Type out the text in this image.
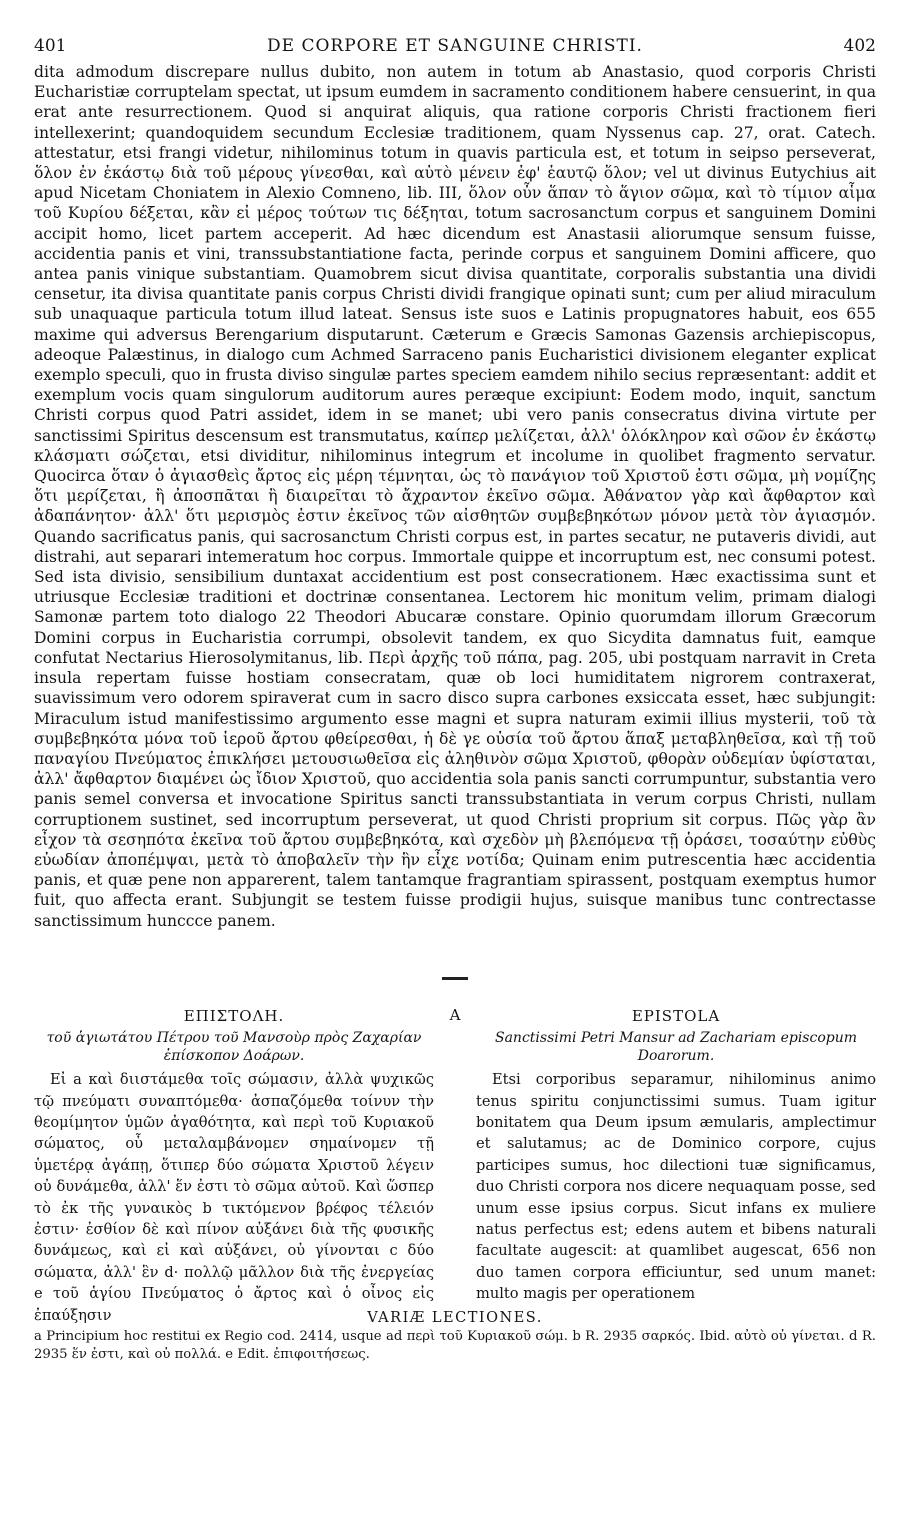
401	DE CORPORE ET SANGUINE CHRISTI.	402

dita admodum discrepare nullus dubito, non autem in totum ab Anastasio, quod corporis Christi Eucharistiæ corruptelam spectat, ut ipsum eumdem in sacramento conditionem habere censuerint, in qua erat ante resurrectionem. Quod si anquirat aliquis, qua ratione corporis Christi fractionem fieri intellexerint; quandoquidem secundum Ecclesiæ traditionem, quam Nyssenus cap. 27, orat. Catech. attestatur, etsi frangi videtur, nihilominus totum in quavis particula est, et totum in seipso perseverat, ὅλον ἐν ἑκάστῳ διὰ τοῦ μέρους γίνεσθαι, καὶ αὐτὸ μένειν ἐφ' ἑαυτῷ ὅλον; vel ut divinus Eutychius ait apud Nicetam Choniatem in Alexio Comneno, lib. III, ὅλον οὖν ἅπαν τὸ ἅγιον σῶμα, καὶ τὸ τίμιον αἷμα τοῦ Κυρίου δέξεται, κἂν εἰ μέρος τούτων τις δέξηται, totum sacrosanctum corpus et sanguinem Domini accipit homo, licet partem acceperit. Ad hæc dicendum est Anastasii aliorumque sensum fuisse, accidentia panis et vini, transsubstantiatione facta, perinde corpus et sanguinem Domini afficere, quo antea panis vinique substantiam. Quamobrem sicut divisa quantitate, corporalis substantia una dividi censetur, ita divisa quantitate panis corpus Christi dividi frangique opinati sunt; cum per aliud miraculum sub unaquaque particula totum illud lateat. Sensus iste suos e Latinis propugnatores habuit, eos 655 maxime qui adversus Berengarium disputarunt. Cæterum e Græcis Samonas Gazensis archiepiscopus, adeoque Palæstinus, in dialogo cum Achmed Sarraceno panis Eucharistici divisionem eleganter explicat exemplo speculi, quo in frusta diviso singulæ partes speciem eamdem nihilo secius repræsentant: addit et exemplum vocis quam singulorum auditorum aures peræque excipiunt: Eodem modo, inquit, sanctum Christi corpus quod Patri assidet, idem in se manet; ubi vero panis consecratus divina virtute per sanctissimi Spiritus descensum est transmutatus, καίπερ μελίζεται, ἀλλ' ὁλόκληρον καὶ σῶον ἐν ἑκάστῳ κλάσματι σώζεται, etsi dividitur, nihilominus integrum et incolume in quolibet fragmento servatur. Quocirca ὅταν ὁ ἁγιασθεὶς ἄρτος εἰς μέρη τέμνηται, ὡς τὸ πανάγιον τοῦ Χριστοῦ ἐστι σῶμα, μὴ νομίζης ὅτι μερίζεται, ἢ ἀποσπᾶται ἢ διαιρεῖται τὸ ἄχραντον ἐκεῖνο σῶμα. Ἀθάνατον γὰρ καὶ ἄφθαρτον καὶ ἀδαπάνητον· ἀλλ' ὅτι μερισμὸς ἐστιν ἐκεῖνος τῶν αἰσθητῶν συμβεβηκότων μόνον μετὰ τὸν ἁγιασμόν. Quando sacrificatus panis, qui sacrosanctum Christi corpus est, in partes secatur, ne putaveris dividi, aut distrahi, aut separari intemeratum hoc corpus. Immortale quippe et incorruptum est, nec consumi potest. Sed ista divisio, sensibilium duntaxat accidentium est post consecrationem. Hæc exactissima sunt et utriusque Ecclesiæ traditioni et doctrinæ consentanea. Lectorem hic monitum velim, primam dialogi Samonæ partem toto dialogo 22 Theodori Abucaræ constare. Opinio quorumdam illorum Græcorum Domini corpus in Eucharistia corrumpi, obsolevit tandem, ex quo Sicydita damnatus fuit, eamque confutat Nectarius Hierosolymitanus, lib. Περὶ ἀρχῆς τοῦ πάπα, pag. 205, ubi postquam narravit in Creta insula repertam fuisse hostiam consecratam, quæ ob loci humiditatem nigrorem contraxerat, suavissimum vero odorem spiraverat cum in sacro disco supra carbones exsiccata esset, hæc subjungit: Miraculum istud manifestissimo argumento esse magni et supra naturam eximii illius mysterii, τοῦ τὰ συμβεβηκότα μόνα τοῦ ἱεροῦ ἄρτου φθείρεσθαι, ἡ δὲ γε οὐσία τοῦ ἄρτου ἅπαξ μεταβληθεῖσα, καὶ τῇ τοῦ παναγίου Πνεύματος ἐπικλήσει μετουσιωθεῖσα εἰς ἀληθινὸν σῶμα Χριστοῦ, φθορὰν οὐδεμίαν ὑφίσταται, ἀλλ' ἄφθαρτον διαμένει ὡς ἴδιον Χριστοῦ, quo accidentia sola panis sancti corrumpuntur, substantia vero panis semel conversa et invocatione Spiritus sancti transsubstantiata in verum corpus Christi, nullam corruptionem sustinet, sed incorruptum perseverat, ut quod Christi proprium sit corpus. Πῶς γὰρ ἂν εἶχον τὰ σεσηπότα ἐκεῖνα τοῦ ἄρτου συμβεβηκότα, καὶ σχεδὸν μὴ βλεπόμενα τῇ ὁράσει, τοσαύτην εὐθὺς εὐωδίαν ἀποπέμψαι, μετὰ τὸ ἀποβαλεῖν τὴν ἣν εἶχε νοτίδα; Quinam enim putrescentia hæc accidentia panis, et quæ pene non apparerent, talem tantamque fragrantiam spirassent, postquam exemptus humor fuit, quo affecta erant. Subjungit se testem fuisse prodigii hujus, suisque manibus tunc contrectasse sanctissimum hunccce panem.

A
ΕΠΙΣΤΟΛΗ.
τοῦ ἁγιωτάτου Πέτρου τοῦ Μανσοὺρ πρὸς Ζαχαρίαν ἐπίσκοπον Δοάρων.

Εἰ a καὶ διιστάμεθα τοῖς σώμασιν, ἀλλὰ ψυχικῶς τῷ πνεύματι συναπτόμεθα· ἀσπαζόμεθα τοίνυν τὴν θεομίμητον ὑμῶν ἀγαθότητα, καὶ περὶ τοῦ Κυριακοῦ σώματος, οὗ μεταλαμβάνομεν σημαίνομεν τῇ ὑμετέρᾳ ἀγάπῃ, ὅτιπερ δύο σώματα Χριστοῦ λέγειν οὐ δυνάμεθα, ἀλλ' ἕν ἐστι τὸ σῶμα αὐτοῦ. Καὶ ὥσπερ τὸ ἐκ τῆς γυναικὸς b τικτόμενον βρέφος τέλειόν ἐστιν· ἐσθίον δὲ καὶ πίνον αὐξάνει διὰ τῆς φυσικῆς δυνάμεως, καὶ εἰ καὶ αὐξάνει, οὐ γίνονται c δύο σώματα, ἀλλ' ἓν d· πολλῷ μᾶλλον διὰ τῆς ἐνεργείας e τοῦ ἁγίου Πνεύματος ὁ ἄρτος καὶ ὁ οἶνος εἰς ἐπαύξησιν

EPISTOLA
Sanctissimi Petri Mansur ad Zachariam episcopum Doarorum.

Etsi corporibus separamur, nihilominus animo tenus spiritu conjunctissimi sumus. Tuam igitur bonitatem qua Deum ipsum æmularis, amplectimur et salutamus; ac de Dominico corpore, cujus participes sumus, hoc dilectioni tuæ significamus, duo Christi corpora nos dicere nequaquam posse, sed unum esse ipsius corpus. Sicut infans ex muliere natus perfectus est; edens autem et bibens naturali facultate augescit: at quamlibet augescat, 656 non duo tamen corpora efficiuntur, sed unum manet: multo magis per operationem

VARIÆ LECTIONES.
a Principium hoc restitui ex Regio cod. 2414, usque ad περὶ τοῦ Κυριακοῦ σώμ. b R. 2935 σαρκός. Ibid. αὐτὸ οὐ γίνεται. d R. 2935 ἕν ἐστι, καὶ οὐ πολλά. e Edit. ἐπιφοιτήσεως.
